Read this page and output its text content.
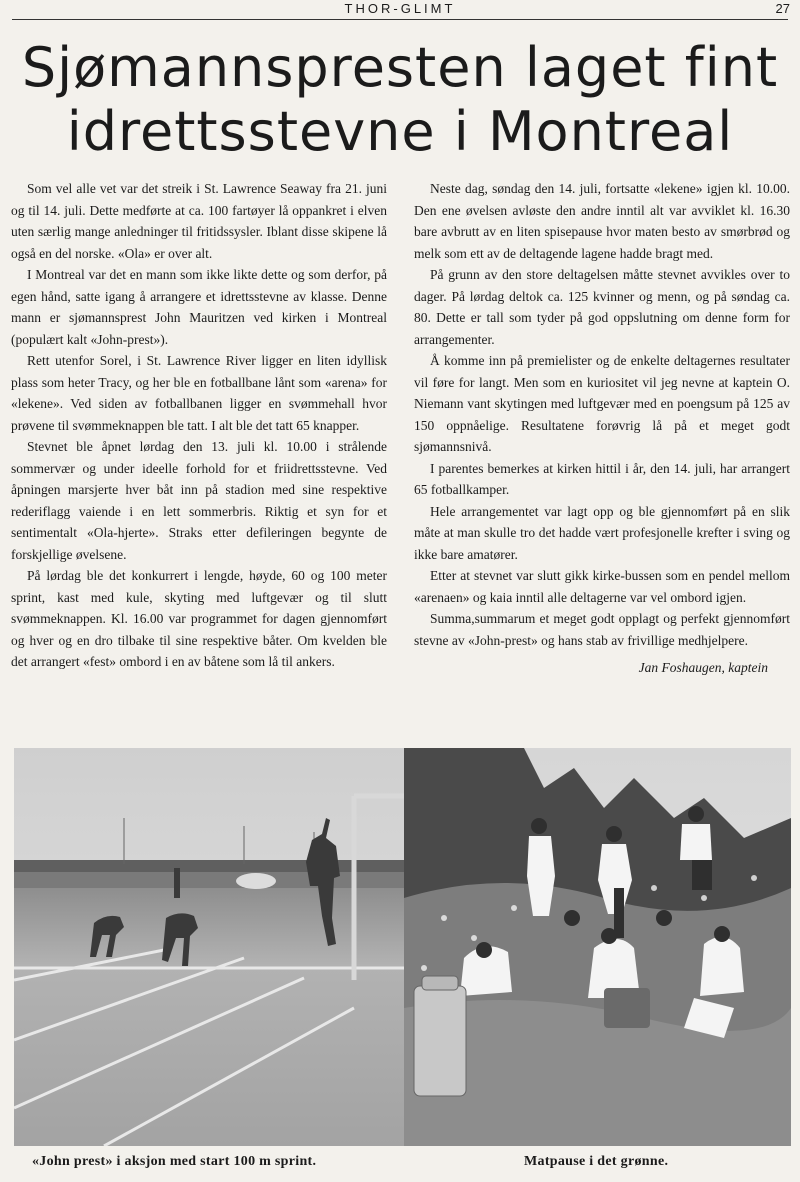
THOR-GLIMT	27
Sjømannspresten laget fint
idrettsstevne i Montreal

Som vel alle vet var det streik i St. Lawrence Seaway fra 21. juni og til 14. juli. Dette medførte at ca. 100 fartøyer lå oppankret i elven uten særlig mange anledninger til fritidssysler. Iblant disse skipene lå også en del norske. «Ola» er over alt.

I Montreal var det en mann som ikke likte dette og som derfor, på egen hånd, satte igang å arrangere et idrettsstevne av klasse. Denne mann er sjømannsprest John Mauritzen ved kirken i Montreal (populært kalt «John-prest»).

Rett utenfor Sorel, i St. Lawrence River ligger en liten idyllisk plass som heter Tracy, og her ble en fotballbane lånt som «arena» for «lekene». Ved siden av fotballbanen ligger en svømmehall hvor prøvene til svømmeknappen ble tatt. I alt ble det tatt 65 knapper.

Stevnet ble åpnet lørdag den 13. juli kl. 10.00 i strålende sommervær og under ideelle forhold for et friidrettsstevne. Ved åpningen marsjerte hver båt inn på stadion med sine respektive rederiflagg vaiende i en lett sommerbris. Riktig et syn for et sentimentalt «Ola-hjerte». Straks etter defileringen begynte de forskjellige øvelsene.

På lørdag ble det konkurrert i lengde, høyde, 60 og 100 meter sprint, kast med kule, skyting med luftgevær og til slutt svømmeknappen. Kl. 16.00 var programmet for dagen gjennomført og hver og en dro tilbake til sine respektive båter. Om kvelden ble det arrangert «fest» ombord i en av båtene som lå til ankers.

Neste dag, søndag den 14. juli, fortsatte «lekene» igjen kl. 10.00. Den ene øvelsen avløste den andre inntil alt var avviklet kl. 16.30 bare avbrutt av en liten spisepause hvor maten besto av smørbrød og melk som ett av de deltagende lagene hadde bragt med.

På grunn av den store deltagelsen måtte stevnet avvikles over to dager. På lørdag deltok ca. 125 kvinner og menn, og på søndag ca. 80. Dette er tall som tyder på god oppslutning om denne form for arrangementer.

Å komme inn på premielister og de enkelte deltagernes resultater vil føre for langt. Men som en kuriositet vil jeg nevne at kaptein O. Niemann vant skytingen med luftgevær med en poengsum på 125 av 150 oppnåelige. Resultatene forøvrig lå på et meget godt sjømannsnivå.

I parentes bemerkes at kirken hittil i år, den 14. juli, har arrangert 65 fotballkamper.

Hele arrangementet var lagt opp og ble gjennomført på en slik måte at man skulle tro det hadde vært profesjonelle krefter i sving og ikke bare amatører.

Etter at stevnet var slutt gikk kirke-bussen som en pendel mellom «arenaen» og kaia inntil alle deltagerne var vel ombord igjen.

Summa,summarum et meget godt opplagt og perfekt gjennomført stevne av «John-prest» og hans stab av frivillige medhjelpere.

Jan Foshaugen, kaptein
«John prest» i aksjon med start 100 m sprint.	Matpause i det grønne.
